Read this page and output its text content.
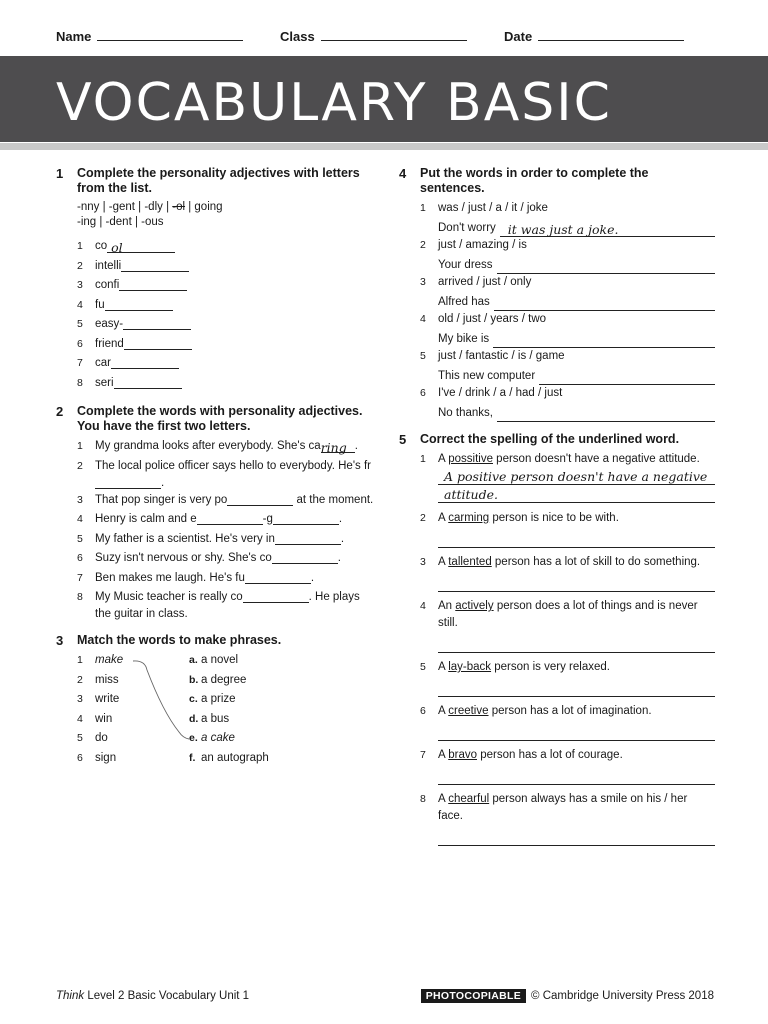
Name	Class	Date
VOCABULARY BASIC
1 Complete the personality adjectives with letters from the list.
-nny | -gent | -dly | -ol | going
-ing | -dent | -ous
1 co ol
2 intelli
3 confi
4 fu
5 easy-
6 friend
7 car
8 seri
2 Complete the words with personality adjectives. You have the first two letters.
1 My grandma looks after everybody. She's caring .
2 The local police officer says hello to everybody. He's fr.
3 That pop singer is very po	at the moment.
4 Henry is calm and e	-g	.
5 My father is a scientist. He's very in	.
6 Suzy isn't nervous or shy. She's co	.
7 Ben makes me laugh. He's fu	.
8 My Music teacher is really co	. He plays the guitar in class.
3 Match the words to make phrases.
1 make	a. a novel
2 miss	b. a degree
3 write	c. a prize
4 win	d. a bus
5 do	e. a cake
6 sign	f. an autograph
4 Put the words in order to complete the sentences.
1 was / just / a / it / joke
Don't worry it was just a joke.
2 just / amazing / is
Your dress
3 arrived / just / only
Alfred has
4 old / just / years / two
My bike is
5 just / fantastic / is / game
This new computer
6 I've / drink / a / had / just
No thanks,
5 Correct the spelling of the underlined word.
1 A possitive person doesn't have a negative attitude.
A positive person doesn't have a negative attitude.
2 A carming person is nice to be with.
3 A tallented person has a lot of skill to do something.
4 An actively person does a lot of things and is never still.
5 A lay-back person is very relaxed.
6 A creetive person has a lot of imagination.
7 A bravo person has a lot of courage.
8 A chearful person always has a smile on his / her face.
Think Level 2 Basic Vocabulary Unit 1	PHOTOCOPIABLE © Cambridge University Press 2018
